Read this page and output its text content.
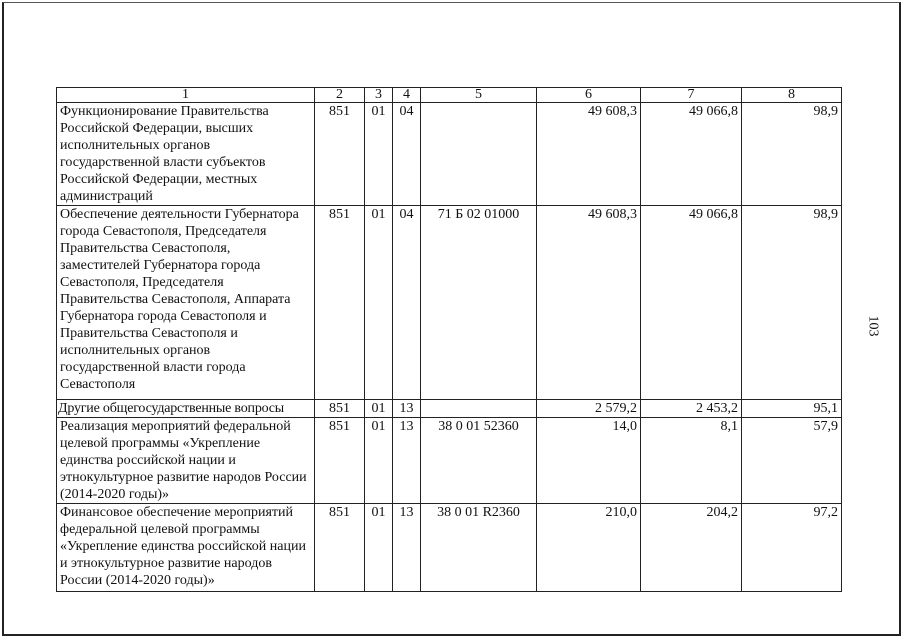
1	2	3	4	5	6	7	8
Функционирование Правительства Российской Федерации, высших исполнительных органов государственной власти субъектов Российской Федерации, местных администраций	851	01	04		49 608,3	49 066,8	98,9
Обеспечение деятельности Губернатора города Севастополя, Председателя Правительства Севастополя, заместителей Губернатора города Севастополя, Председателя Правительства Севастополя, Аппарата Губернатора города Севастополя и Правительства Севастополя и исполнительных органов государственной власти города Севастополя	851	01	04	71 Б 02 01000	49 608,3	49 066,8	98,9
Другие общегосударственные вопросы	851	01	13		2 579,2	2 453,2	95,1
Реализация мероприятий федеральной целевой программы «Укрепление единства российской нации и этнокультурное развитие народов России (2014-2020 годы)»	851	01	13	38 0 01 52360	14,0	8,1	57,9
Финансовое обеспечение мероприятий федеральной целевой программы «Укрепление единства российской нации и этнокультурное развитие народов России (2014-2020 годы)»	851	01	13	38 0 01 R2360	210,0	204,2	97,2
103
